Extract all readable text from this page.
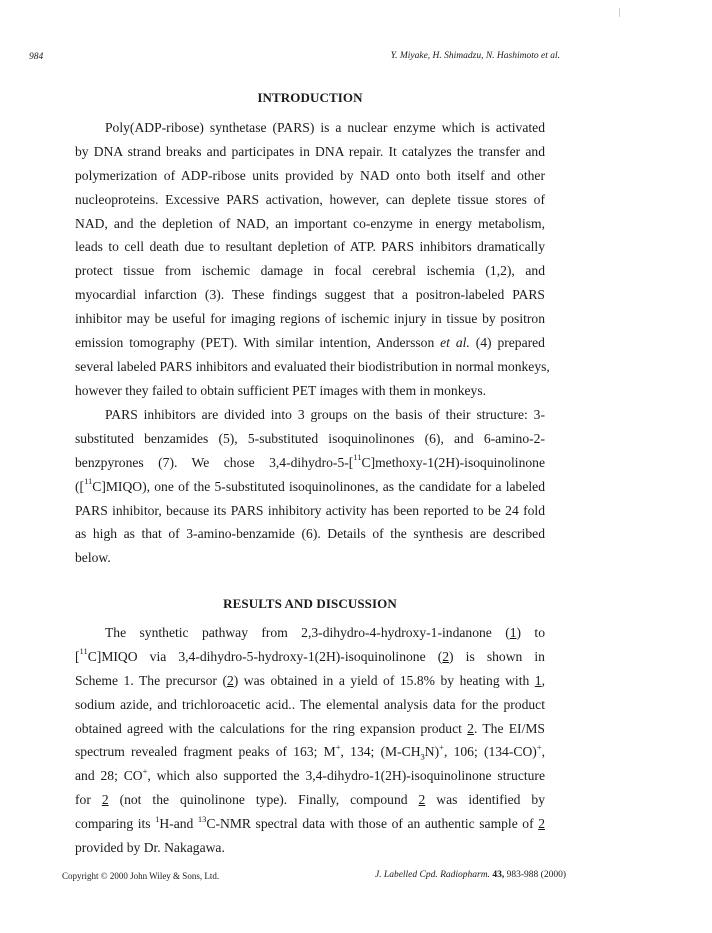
984	Y. Miyake, H. Shimadzu, N. Hashimoto et al.
INTRODUCTION
Poly(ADP-ribose) synthetase (PARS) is a nuclear enzyme which is activated
by DNA strand breaks and participates in DNA repair. It catalyzes the transfer and
polymerization of ADP-ribose units provided by NAD onto both itself and other
nucleoproteins. Excessive PARS activation, however, can deplete tissue stores of
NAD, and the depletion of NAD, an important co-enzyme in energy metabolism,
leads to cell death due to resultant depletion of ATP. PARS inhibitors dramatically
protect tissue from ischemic damage in focal cerebral ischemia (1,2), and
myocardial infarction (3). These findings suggest that a positron-labeled PARS
inhibitor may be useful for imaging regions of ischemic injury in tissue by positron
emission tomography (PET). With similar intention, Andersson et al. (4) prepared
several labeled PARS inhibitors and evaluated their biodistribution in normal monkeys,
however they failed to obtain sufficient PET images with them in monkeys.
PARS inhibitors are divided into 3 groups on the basis of their structure: 3-
substituted benzamides (5), 5-substituted isoquinolinones (6), and 6-amino-2-
benzpyrones (7). We chose 3,4-dihydro-5-[$^{11}$C]methoxy-1(2H)-isoquinolinone
([$^{11}$C]MIQO), one of the 5-substituted isoquinolinones, as the candidate for a labeled
PARS inhibitor, because its PARS inhibitory activity has been reported to be 24 fold
as high as that of 3-amino-benzamide (6). Details of the synthesis are described
below.
RESULTS AND DISCUSSION
The synthetic pathway from 2,3-dihydro-4-hydroxy-1-indanone (1) to
[$^{11}$C]MIQO via 3,4-dihydro-5-hydroxy-1(2H)-isoquinolinone (2) is shown in
Scheme 1. The precursor (2) was obtained in a yield of 15.8% by heating with 1,
sodium azide, and trichloroacetic acid.. The elemental analysis data for the product
obtained agreed with the calculations for the ring expansion product 2. The EI/MS
spectrum revealed fragment peaks of 163; M+, 134; $(M-CH_3N)^+$, 106; (134-CO)+,
and 28; CO+, which also supported the 3,4-dihydro-1(2H)-isoquinolinone structure
for 2 (not the quinolinone type). Finally, compound 2 was identified by
comparing its $^1$H-and $^{13}$C-NMR spectral data with those of an authentic sample of 2
provided by Dr. Nakagawa.
Copyright © 2000 John Wiley & Sons, Ltd.	J. Labelled Cpd. Radiopharm. 43, 983-988 (2000)
